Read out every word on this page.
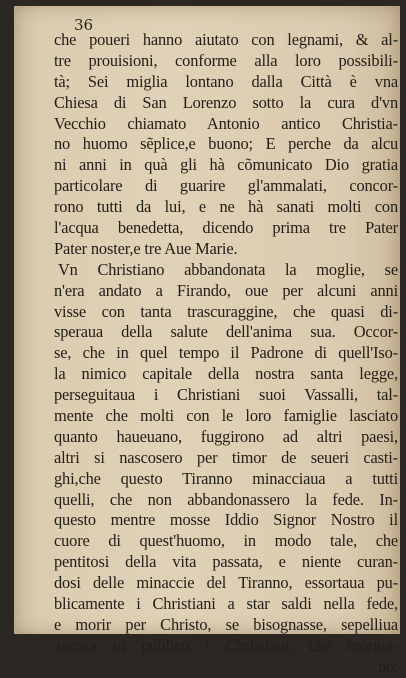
36
che poueri hanno aiutato con legnami, & al-
tre prouisioni, conforme alla loro possibili-
tà; Sei miglia lontano dalla Città è vna
Chiesa di San Lorenzo sotto la cura d'vn
Vecchio chiamato Antonio antico Christia-
no huomo sẽplice,e buono; E perche da alcu
ni anni in quà gli hà cõmunicato Dio gratia
particolare di guarire gl'ammalati, concor-
rono tutti da lui, e ne hà sanati molti con
l'acqua benedetta, dicendo prima tre Pater
Pater noster,e tre Aue Marie.
Vn Christiano abbandonata la moglie, se
n'era andato a Firando, oue per alcuni anni
visse con tanta trascuraggine, che quasi di-
speraua della salute dell'anima sua. Occor-
se, che in quel tempo il Padrone di quell'Iso-
la nimico capitale della nostra santa legge,
perseguitaua i Christiani suoi Vassalli, tal-
mente che molti con le loro famiglie lasciato
quanto haueuano, fuggirono ad altri paesi,
altri si nascosero per timor de seueri casti-
ghi,che questo Tiranno minacciaua a tutti
quelli, che non abbandonassero la fede. In-
questo mentre mosse Iddio Signor Nostro il
cuore di quest'huomo, in modo tale, che
pentitosi della vita passata, e niente curan-
dosi delle minaccie del Tiranno, essortaua pu-
blicamente i Christiani a star saldi nella fede,
e morir per Christo, se bisognasse, sepelliua
ancora in publico i Christiani, che moriua-
no,
